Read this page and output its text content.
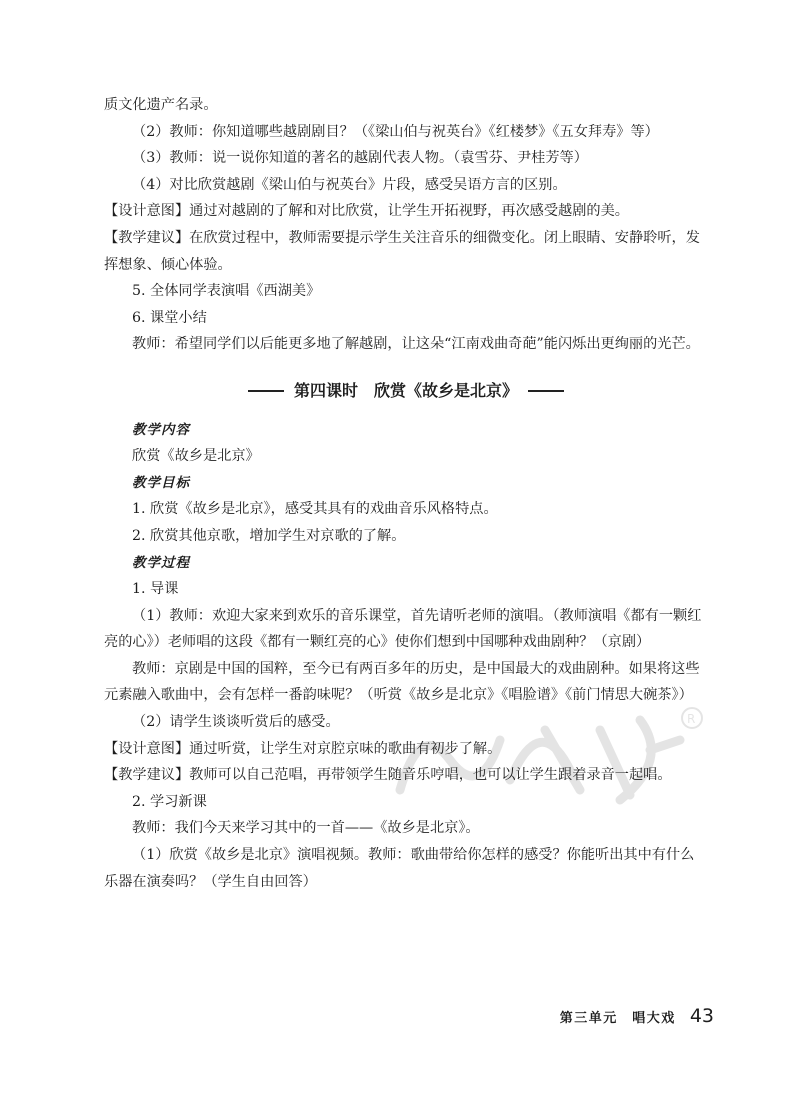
R

质文化遗产名录。

（2）教师：你知道哪些越剧剧目？（《梁山伯与祝英台》《红楼梦》《五女拜寿》等）

（3）教师：说一说你知道的著名的越剧代表人物。（袁雪芬、尹桂芳等）

（4）对比欣赏越剧《梁山伯与祝英台》片段，感受吴语方言的区别。

【设计意图】通过对越剧的了解和对比欣赏，让学生开拓视野，再次感受越剧的美。

【教学建议】在欣赏过程中，教师需要提示学生关注音乐的细微变化。闭上眼睛、安静聆听，发挥想象、倾心体验。

5. 全体同学表演唱《西湖美》

6. 课堂小结

教师：希望同学们以后能更多地了解越剧，让这朵“江南戏曲奇葩”能闪烁出更绚丽的光芒。

第四课时　欣赏《故乡是北京》

教学内容

欣赏《故乡是北京》

教学目标

1. 欣赏《故乡是北京》，感受其具有的戏曲音乐风格特点。

2. 欣赏其他京歌，增加学生对京歌的了解。

教学过程

1. 导课

（1）教师：欢迎大家来到欢乐的音乐课堂，首先请听老师的演唱。（教师演唱《都有一颗红亮的心》）老师唱的这段《都有一颗红亮的心》使你们想到中国哪种戏曲剧种？（京剧）

教师：京剧是中国的国粹，至今已有两百多年的历史，是中国最大的戏曲剧种。如果将这些元素融入歌曲中，会有怎样一番韵味呢？（听赏《故乡是北京》《唱脸谱》《前门情思大碗茶》）

（2）请学生谈谈听赏后的感受。

【设计意图】通过听赏，让学生对京腔京味的歌曲有初步了解。

【教学建议】教师可以自己范唱，再带领学生随音乐哼唱，也可以让学生跟着录音一起唱。

2. 学习新课

教师：我们今天来学习其中的一首——《故乡是北京》。

（1）欣赏《故乡是北京》演唱视频。教师：歌曲带给你怎样的感受？你能听出其中有什么乐器在演奏吗？（学生自由回答）

第三单元　唱大戏 43
